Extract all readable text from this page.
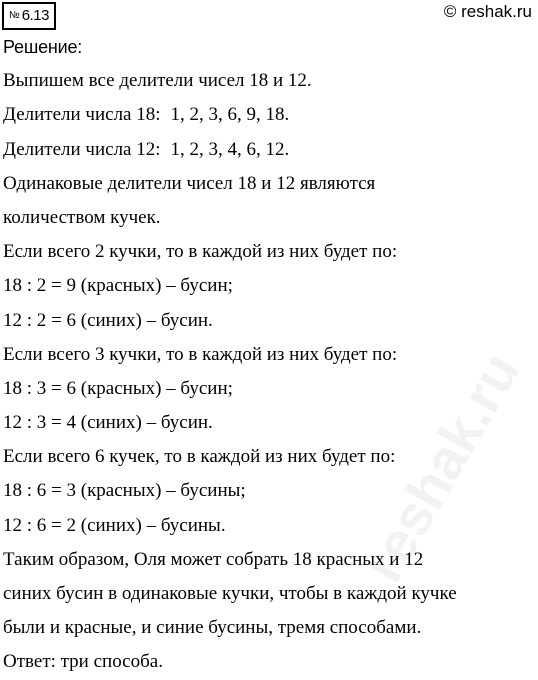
№ 6.13	© reshak.ru
Решение:
Выпишем все делители чисел 18 и 12.
Делители числа 18: 1, 2, 3, 6, 9, 18.
Делители числа 12: 1, 2, 3, 4, 6, 12.
Одинаковые делители чисел 18 и 12 являются
количеством кучек.
Если всего 2 кучки, то в каждой из них будет по:
18 : 2 = 9 (красных) – бусин;
12 : 2 = 6 (синих) – бусин.
Если всего 3 кучки, то в каждой из них будет по:
18 : 3 = 6 (красных) – бусин;
12 : 3 = 4 (синих) – бусин.
Если всего 6 кучек, то в каждой из них будет по:
18 : 6 = 3 (красных) – бусины;
12 : 6 = 2 (синих) – бусины.
Таким образом, Оля может собрать 18 красных и 12
синих бусин в одинаковые кучки, чтобы в каждой кучке
были и красные, и синие бусины, тремя способами.
Ответ: три способа.
reshak.ru
